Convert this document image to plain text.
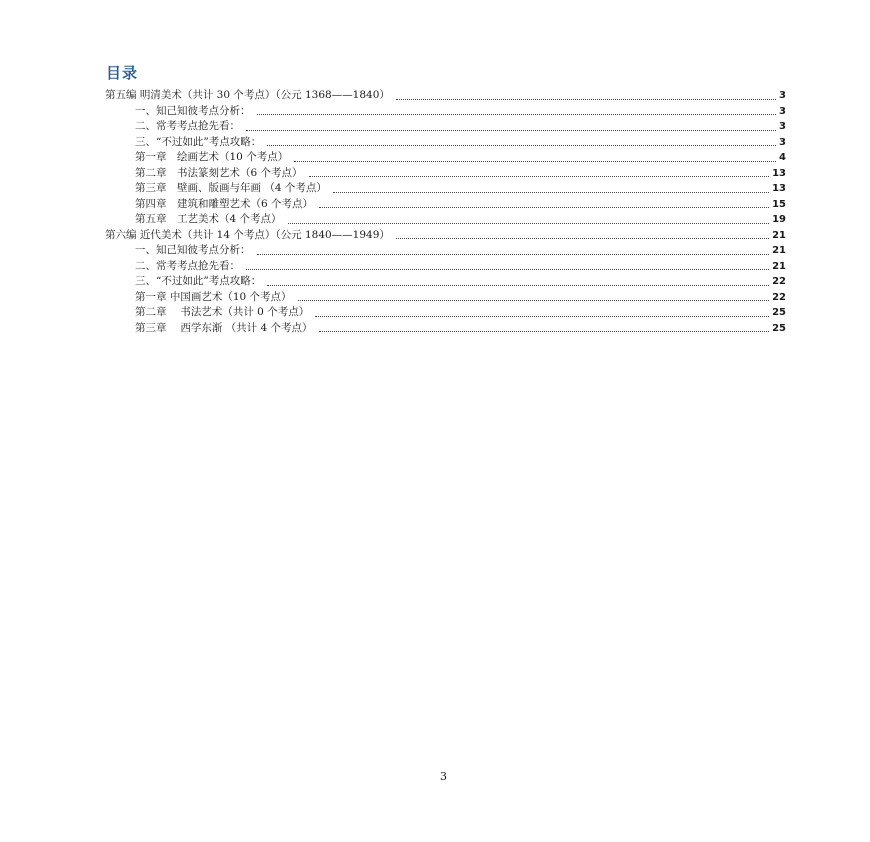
目录
第五编 明清美术（共计 30 个考点）（公元 1368——1840）	3
一、知己知彼考点分析：	3
二、常考考点抢先看：	3
三、“不过如此”考点攻略：	3
第一章　绘画艺术（10 个考点）	4
第二章　书法篆刻艺术（6 个考点）	13
第三章　壁画、版画与年画 （4 个考点）	13
第四章　建筑和雕塑艺术（6 个考点）	15
第五章　工艺美术（4 个考点）	19
第六编 近代美术（共计 14 个考点）（公元 1840——1949）	21
一、知己知彼考点分析：	21
二、常考考点抢先看：	21
三、“不过如此”考点攻略：	22
第一章 中国画艺术（10 个考点）	22
第二章　 书法艺术（共计 0 个考点）	25
第三章　 西学东渐 （共计 4 个考点）	25
3
